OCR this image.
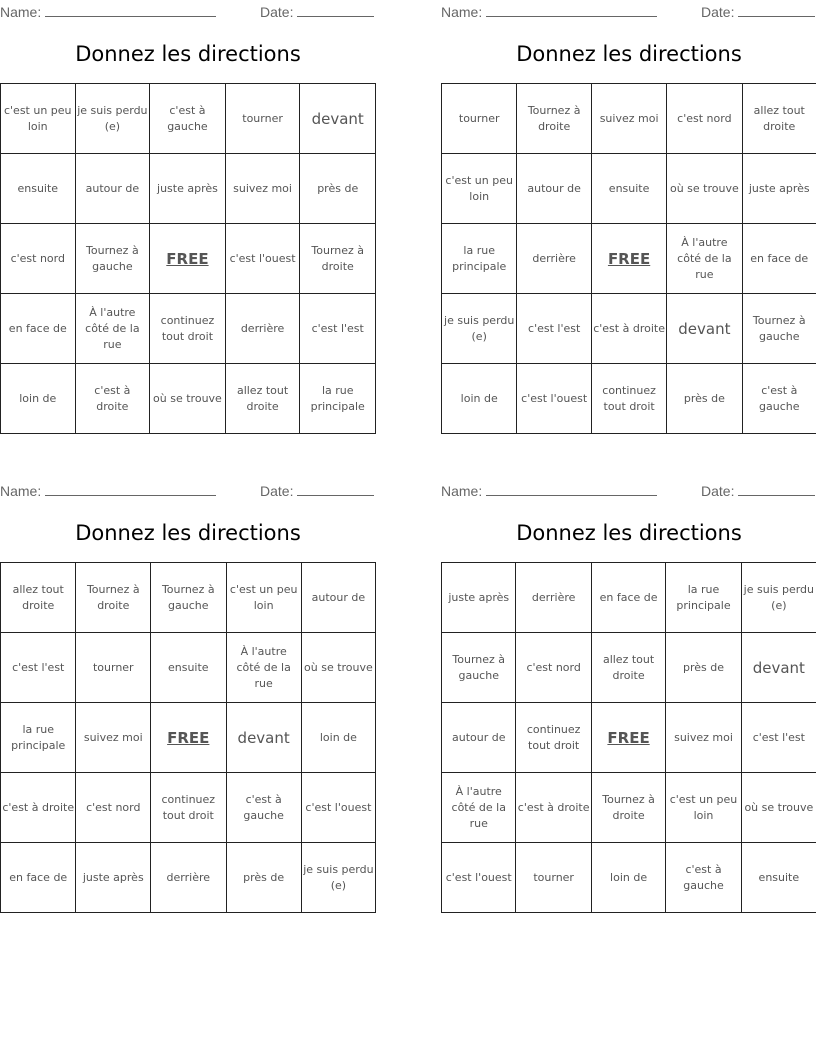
Name:	Date:
Donnez les directions
c'est un peu loin	je suis perdu (e)	c'est à gauche	tourner	devant
ensuite	autour de	juste après	suivez moi	près de
c'est nord	Tournez à gauche	FREE	c'est l'ouest	Tournez à droite
en face de	À l'autre côté de la rue	continuez tout droit	derrière	c'est l'est
loin de	c'est à droite	où se trouve	allez tout droite	la rue principale
Name:	Date:
Donnez les directions
tourner	Tournez à droite	suivez moi	c'est nord	allez tout droite
c'est un peu loin	autour de	ensuite	où se trouve	juste après
la rue principale	derrière	FREE	À l'autre côté de la rue	en face de
je suis perdu (e)	c'est l'est	c'est à droite	devant	Tournez à gauche
loin de	c'est l'ouest	continuez tout droit	près de	c'est à gauche
Name:	Date:
Donnez les directions
allez tout droite	Tournez à droite	Tournez à gauche	c'est un peu loin	autour de
c'est l'est	tourner	ensuite	À l'autre côté de la rue	où se trouve
la rue principale	suivez moi	FREE	devant	loin de
c'est à droite	c'est nord	continuez tout droit	c'est à gauche	c'est l'ouest
en face de	juste après	derrière	près de	je suis perdu (e)
Name:	Date:
Donnez les directions
juste après	derrière	en face de	la rue principale	je suis perdu (e)
Tournez à gauche	c'est nord	allez tout droite	près de	devant
autour de	continuez tout droit	FREE	suivez moi	c'est l'est
À l'autre côté de la rue	c'est à droite	Tournez à droite	c'est un peu loin	où se trouve
c'est l'ouest	tourner	loin de	c'est à gauche	ensuite
